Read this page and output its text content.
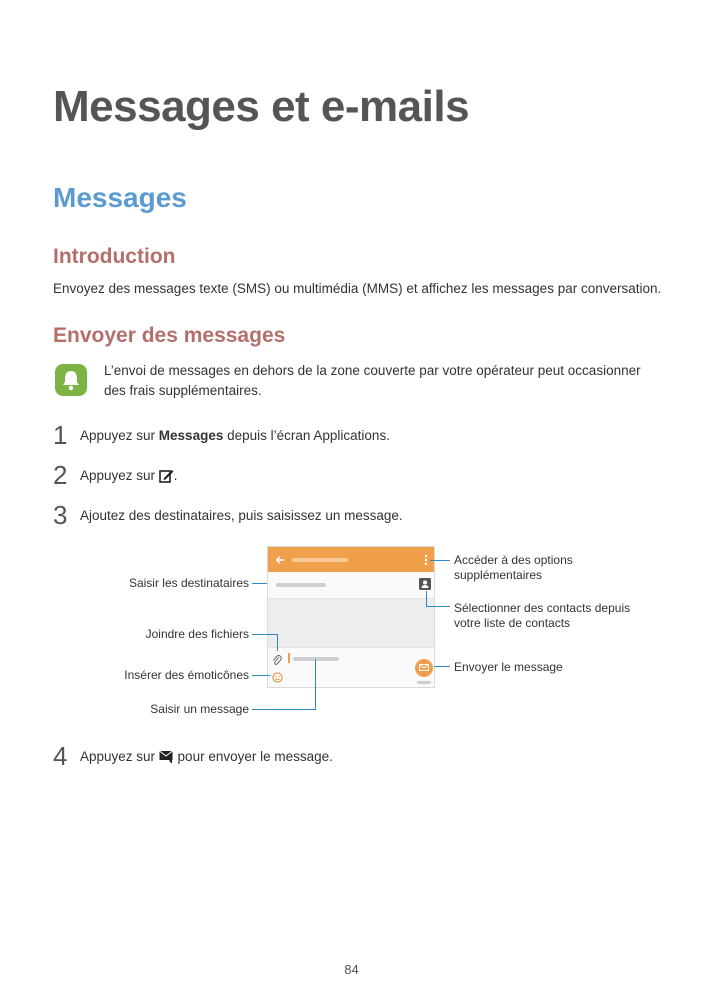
Messages et e-mails
Messages
Introduction
Envoyez des messages texte (SMS) ou multimédia (MMS) et affichez les messages par conversation.
Envoyer des messages
L’envoi de messages en dehors de la zone couverte par votre opérateur peut occasionner
des frais supplémentaires.
1 Appuyez sur Messages depuis l’écran Applications.
2 Appuyez sur .
3 Ajoutez des destinataires, puis saisissez un message.
Saisir les destinataires
Joindre des fichiers
Insérer des émoticônes
Saisir un message
Accéder à des options
supplémentaires
Sélectionner des contacts depuis
votre liste de contacts
Envoyer le message
4 Appuyez sur  pour envoyer le message.
84
